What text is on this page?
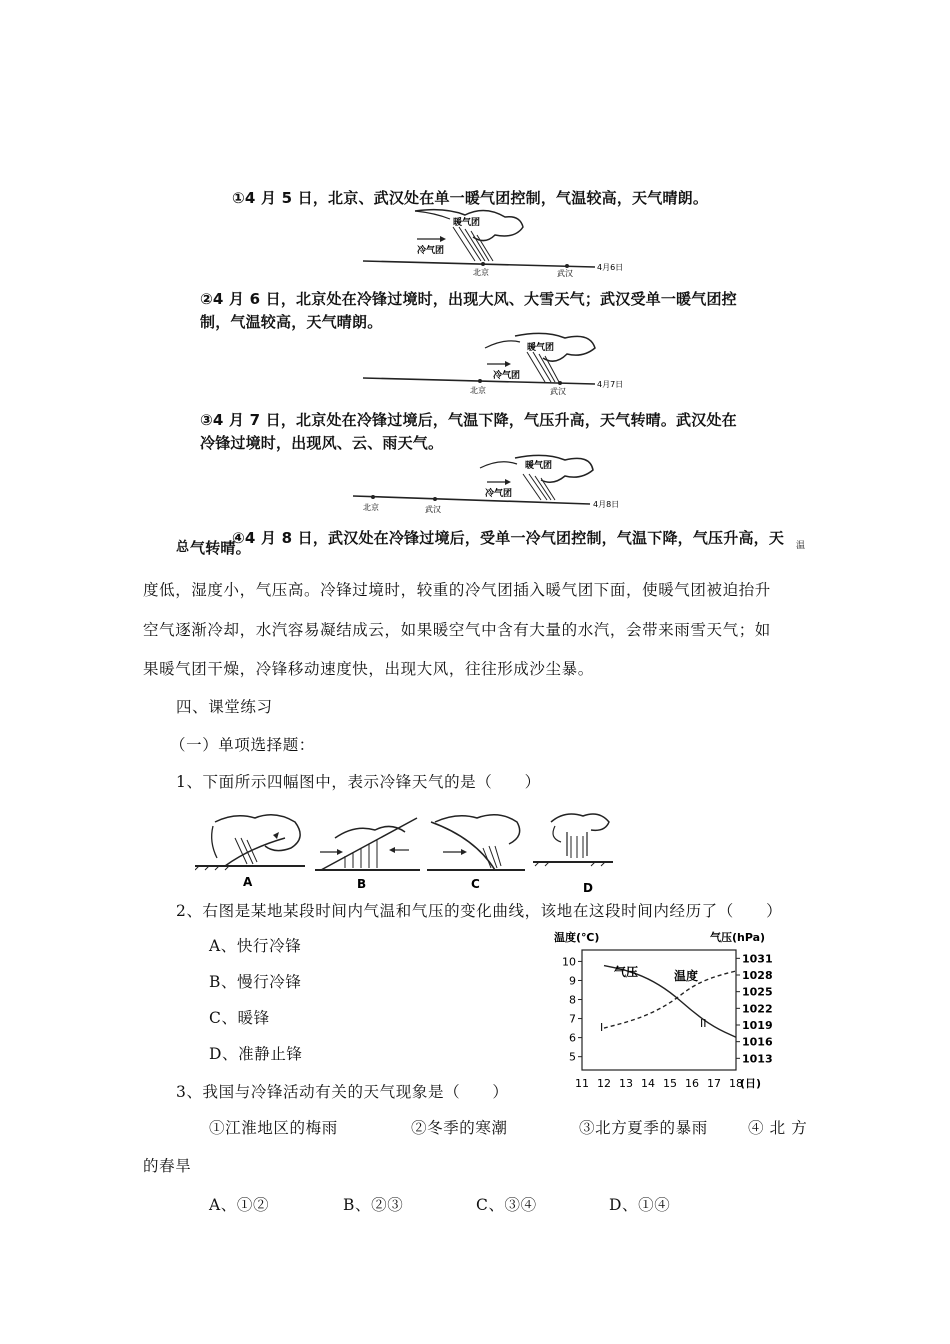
①4 月 5 日，北京、武汉处在单一暖气团控制，气温较高，天气晴朗。
暖气团
冷气团
北京	武汉
4月6日
②4 月 6 日，北京处在冷锋过境时，出现大风、大雪天气；武汉受单一暖气团控
制，气温较高，天气晴朗。
暖气团
冷气团
北京	武汉
4月7日
③4 月 7 日，北京处在冷锋过境后，气温下降，气压升高，天气转晴。武汉处在
冷锋过境时，出现风、云、雨天气。
暖气团
冷气团
北京	武汉
4月8日
④4 月 8 日，武汉处在冷锋过境后，受单一冷气团控制，气温下降，气压升高，天
总 气转晴。	温
度低，湿度小，气压高。冷锋过境时，较重的冷气团插入暖气团下面，使暖气团被迫抬升
空气逐渐冷却，水汽容易凝结成云，如果暖空气中含有大量的水汽，会带来雨雪天气；如
果暖气团干燥，冷锋移动速度快，出现大风，往往形成沙尘暴。
四、课堂练习
（一）单项选择题：
1、下面所示四幅图中，表示冷锋天气的是（　　）
A	B	C	D
2、右图是某地某段时间内气温和气压的变化曲线，该地在这段时间内经历了（　　）
A、快行冷锋
B、慢行冷锋
C、暖锋
D、准静止锋
温度(℃)	气压(hPa)
10
9
8
7
6
5
1031
1028
1025
1022
1019
1016
1013
11 12 13 14 15 16 17 18
I	II
气压	温度
(日)
3、我国与冷锋活动有关的天气现象是（　　）
①江淮地区的梅雨	②冬季的寒潮	③北方夏季的暴雨	④ 北 方
的春旱
A、①②	B、②③	C、③④	D、①④
